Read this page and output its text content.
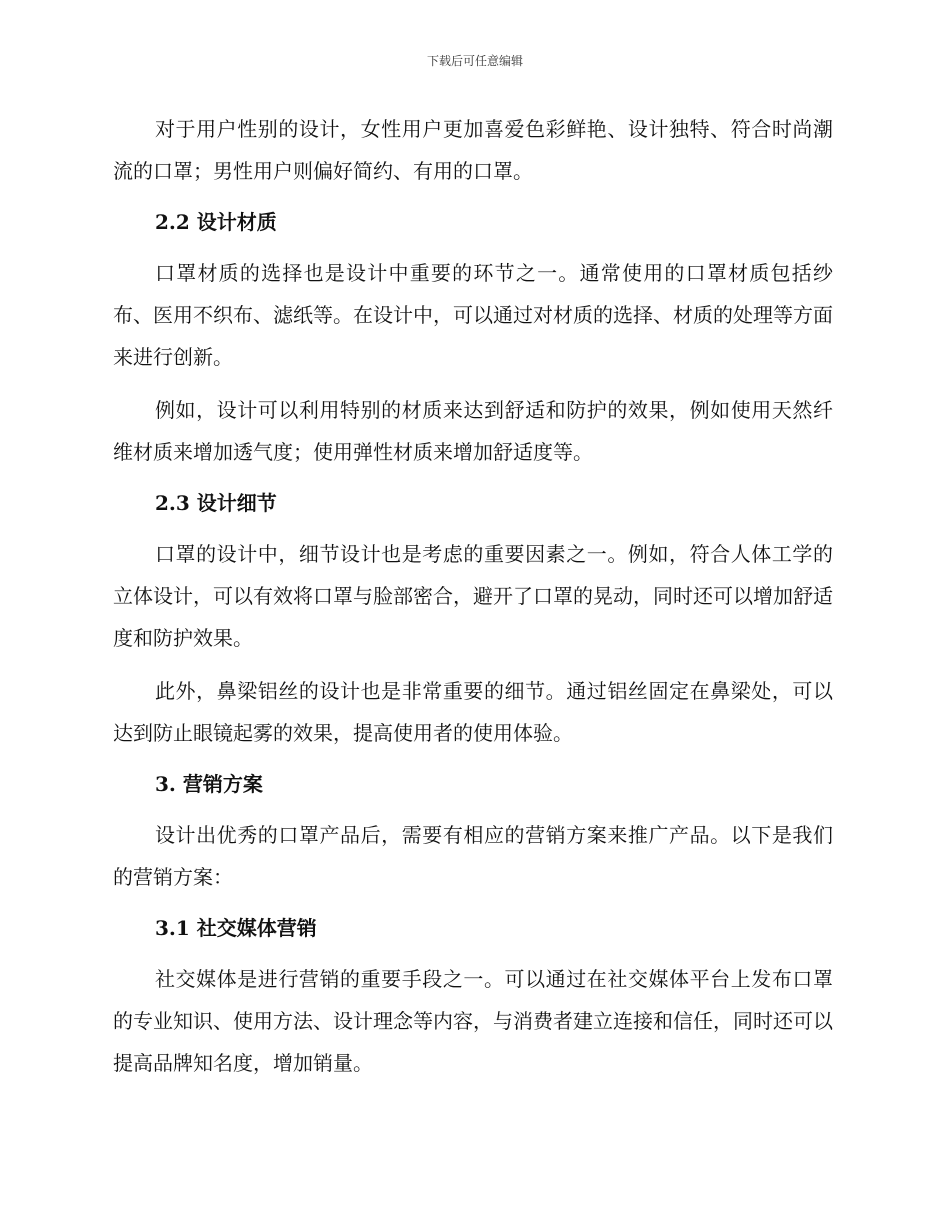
下载后可任意编辑

对于用户性别的设计，女性用户更加喜爱色彩鲜艳、设计独特、符合时尚潮流的口罩；男性用户则偏好简约、有用的口罩。

2.2 设计材质

口罩材质的选择也是设计中重要的环节之一。通常使用的口罩材质包括纱布、医用不织布、滤纸等。在设计中，可以通过对材质的选择、材质的处理等方面来进行创新。

例如，设计可以利用特别的材质来达到舒适和防护的效果，例如使用天然纤维材质来增加透气度；使用弹性材质来增加舒适度等。

2.3 设计细节

口罩的设计中，细节设计也是考虑的重要因素之一。例如，符合人体工学的立体设计，可以有效将口罩与脸部密合，避开了口罩的晃动，同时还可以增加舒适度和防护效果。

此外，鼻梁铝丝的设计也是非常重要的细节。通过铝丝固定在鼻梁处，可以达到防止眼镜起雾的效果，提高使用者的使用体验。

3. 营销方案

设计出优秀的口罩产品后，需要有相应的营销方案来推广产品。以下是我们的营销方案：

3.1 社交媒体营销

社交媒体是进行营销的重要手段之一。可以通过在社交媒体平台上发布口罩的专业知识、使用方法、设计理念等内容，与消费者建立连接和信任，同时还可以提高品牌知名度，增加销量。
